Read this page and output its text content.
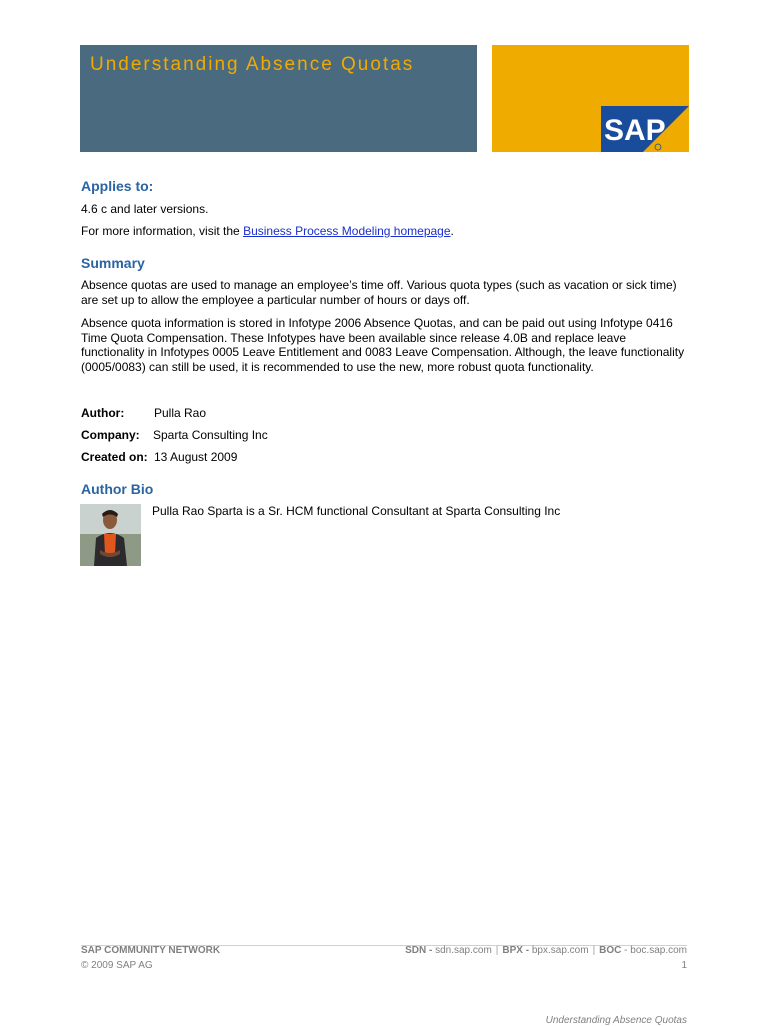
Understanding Absence Quotas
SAP
Applies to:
4.6 c and later versions.
For more information, visit the Business Process Modeling homepage.
Summary
Absence quotas are used to manage an employee’s time off. Various quota types (such as vacation or sick time) are set up to allow the employee a particular number of hours or days off.
Absence quota information is stored in Infotype 2006 Absence Quotas, and can be paid out using Infotype 0416 Time Quota Compensation. These Infotypes have been available since release 4.0B and replace leave functionality in Infotypes 0005 Leave Entitlement and 0083 Leave Compensation. Although, the leave functionality (0005/0083) can still be used, it is recommended to use the new, more robust quota functionality.
Author: Pulla Rao
Company: Sparta Consulting Inc
Created on: 13 August 2009
Author Bio
Pulla Rao Sparta is a Sr. HCM functional Consultant at Sparta Consulting Inc
SAP COMMUNITY NETWORK
© 2009 SAP AG
SDN - sdn.sap.com | BPX - bpx.sap.com | BOC - boc.sap.com
1
Understanding Absence Quotas
